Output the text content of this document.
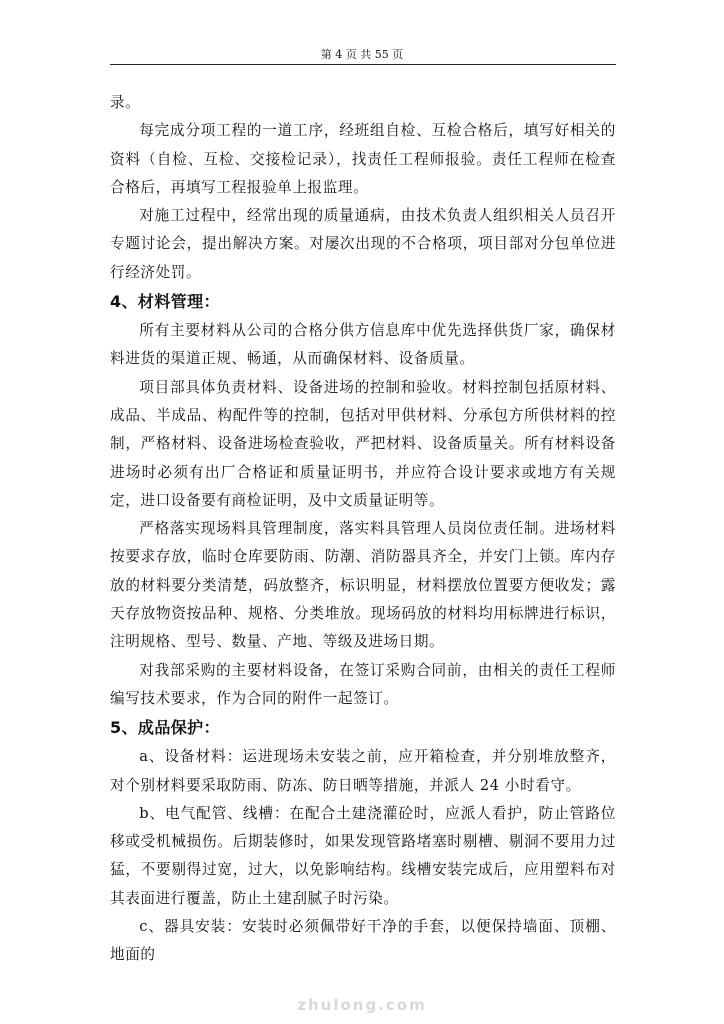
第 4 页 共 55 页

录。

每完成分项工程的一道工序，经班组自检、互检合格后，填写好相关的资料（自检、互检、交接检记录），找责任工程师报验。责任工程师在检查合格后，再填写工程报验单上报监理。

对施工过程中，经常出现的质量通病，由技术负责人组织相关人员召开专题讨论会，提出解决方案。对屡次出现的不合格项，项目部对分包单位进行经济处罚。

4、材料管理：

所有主要材料从公司的合格分供方信息库中优先选择供货厂家，确保材料进货的渠道正规、畅通，从而确保材料、设备质量。

项目部具体负责材料、设备进场的控制和验收。材料控制包括原材料、成品、半成品、构配件等的控制，包括对甲供材料、分承包方所供材料的控制，严格材料、设备进场检查验收，严把材料、设备质量关。所有材料设备进场时必须有出厂合格证和质量证明书，并应符合设计要求或地方有关规定，进口设备要有商检证明，及中文质量证明等。

严格落实现场料具管理制度，落实料具管理人员岗位责任制。进场材料按要求存放，临时仓库要防雨、防潮、消防器具齐全，并安门上锁。库内存放的材料要分类清楚，码放整齐，标识明显，材料摆放位置要方便收发；露天存放物资按品种、规格、分类堆放。现场码放的材料均用标牌进行标识，注明规格、型号、数量、产地、等级及进场日期。

对我部采购的主要材料设备，在签订采购合同前，由相关的责任工程师编写技术要求，作为合同的附件一起签订。

5、成品保护：

a、设备材料：运进现场未安装之前，应开箱检查，并分别堆放整齐，对个别材料要采取防雨、防冻、防日晒等措施，并派人 24 小时看守。

b、电气配管、线槽：在配合土建浇灌砼时，应派人看护，防止管路位移或受机械损伤。后期装修时，如果发现管路堵塞时剔槽、剔洞不要用力过猛，不要剔得过宽，过大，以免影响结构。线槽安装完成后，应用塑料布对其表面进行覆盖，防止土建刮腻子时污染。

c、器具安装：安装时必须佩带好干净的手套，以便保持墙面、顶棚、地面的

zhulong.com
